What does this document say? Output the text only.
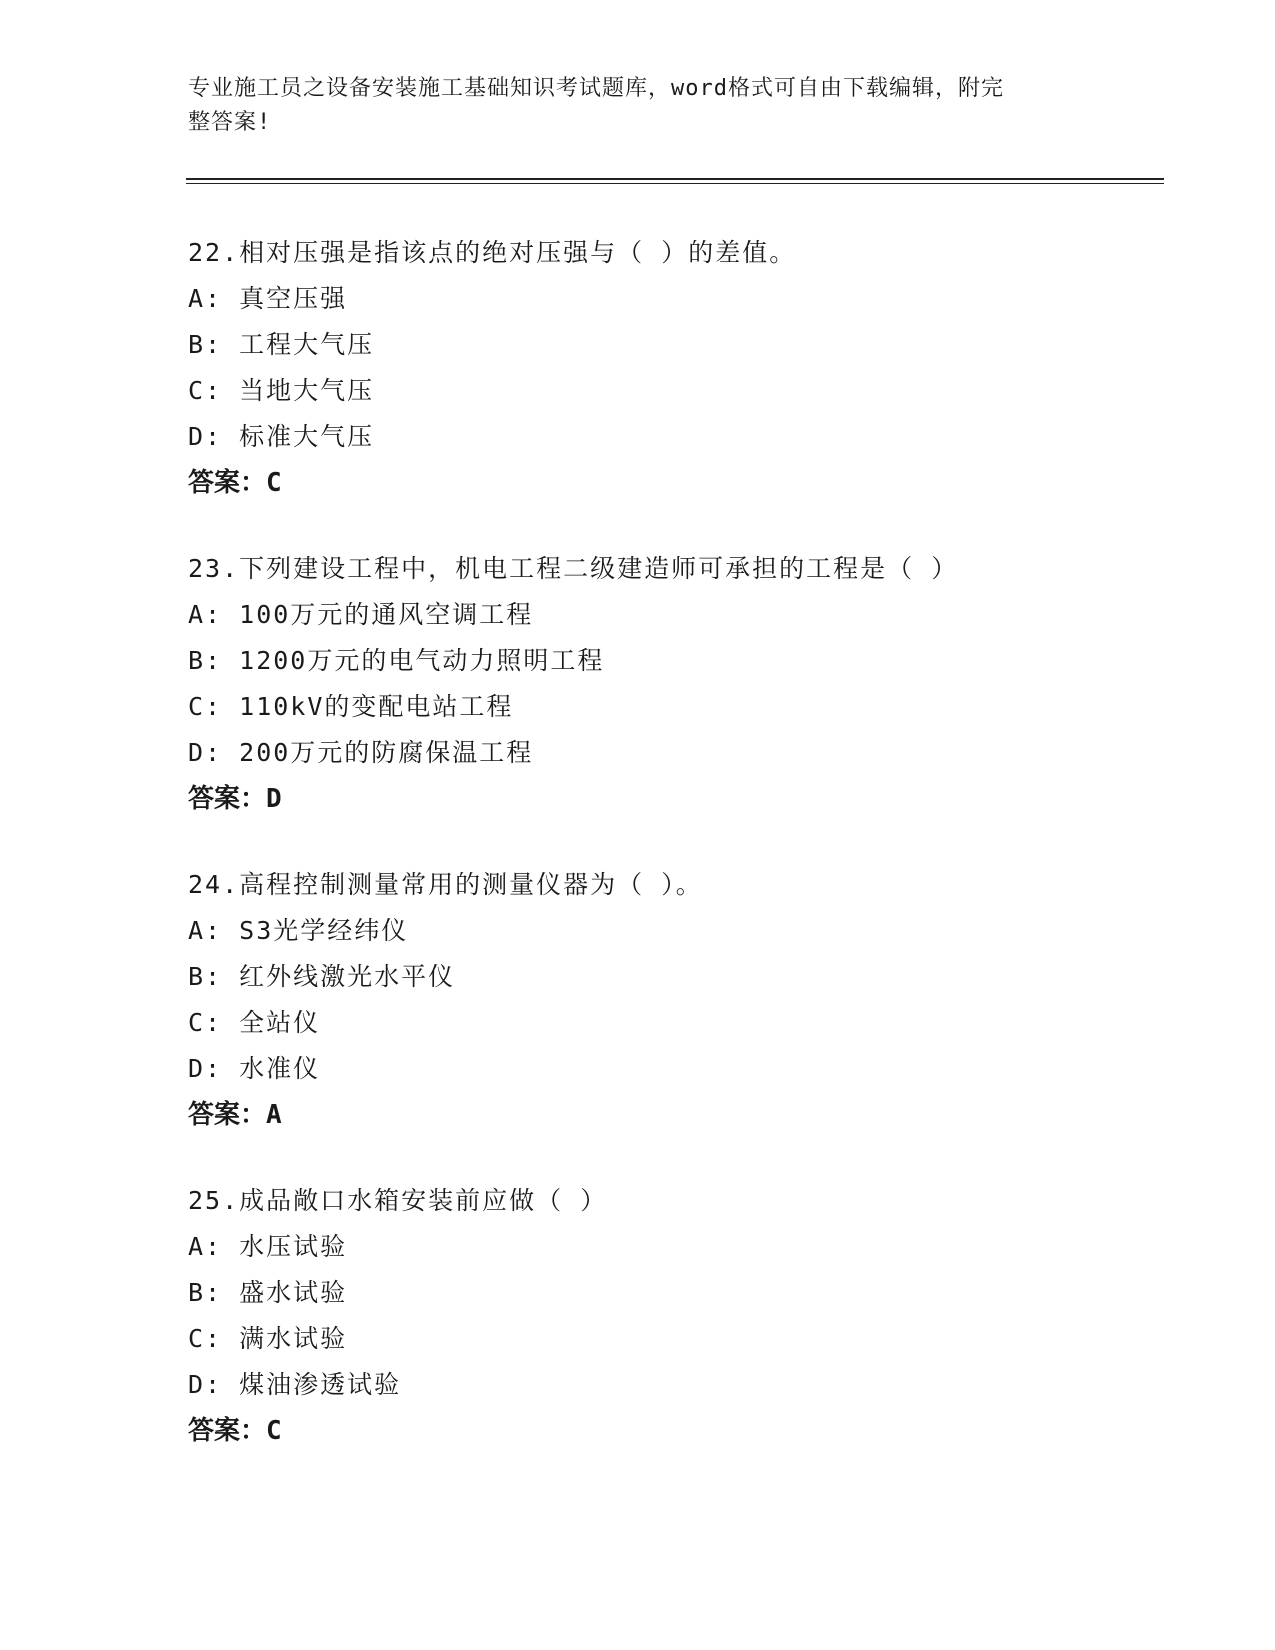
专业施工员之设备安装施工基础知识考试题库，word格式可自由下载编辑，附完
整答案!
22.相对压强是指该点的绝对压强与（ ）的差值。
A: 真空压强
B: 工程大气压
C: 当地大气压
D: 标准大气压
答案：C
23.下列建设工程中，机电工程二级建造师可承担的工程是（ ）
A: 100万元的通风空调工程
B: 1200万元的电气动力照明工程
C: 110kV的变配电站工程
D: 200万元的防腐保温工程
答案：D
24.高程控制测量常用的测量仪器为（ ）。
A: S3光学经纬仪
B: 红外线激光水平仪
C: 全站仪
D: 水准仪
答案：A
25.成品敞口水箱安装前应做（ ）
A: 水压试验
B: 盛水试验
C: 满水试验
D: 煤油渗透试验
答案：C
